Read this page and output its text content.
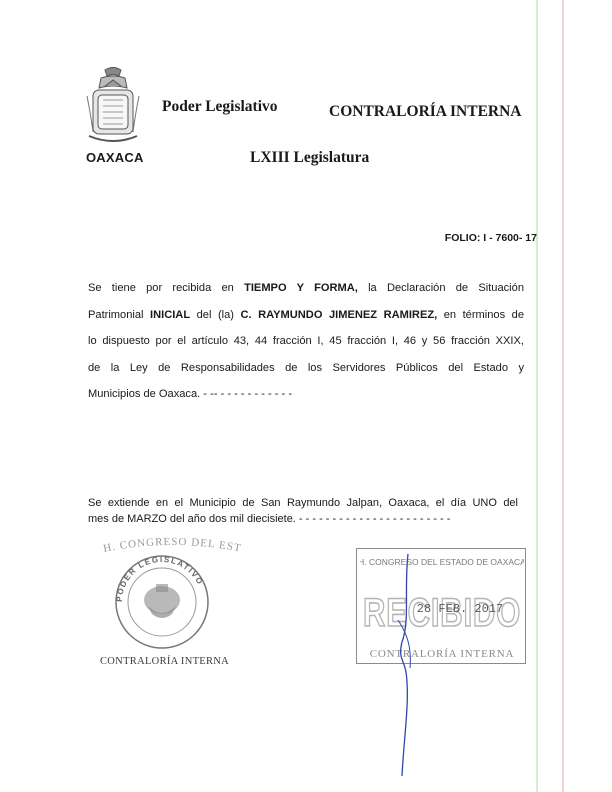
OAXACA
Poder Legislativo	CONTRALORÍA INTERNA
LXIII Legislatura
FOLIO: I - 7600- 17
Se tiene por recibida en TIEMPO Y FORMA, la Declaración de Situación
Patrimonial INICIAL del (la) C. RAYMUNDO JIMENEZ RAMIREZ, en términos de
lo dispuesto por el artículo 43, 44 fracción I, 45 fracción I, 46 y 56 fracción XXIX,
de la Ley de Responsabilidades de los Servidores Públicos del Estado y
Municipios de Oaxaca. - -- - - - - - - - - - - -
Se extiende en el Municipio de San Raymundo Jalpan, Oaxaca, el día UNO del
mes de MARZO del año dos mil diecisiete. - - - - - - - - - - - - - - - - - - - - - - -
H. CONGRESO DEL EST
PODER LEGISLATIVO
CONTRALORÍA INTERNA
H. CONGRESO DEL ESTADO DE OAXACA
RECIBIDO
28 FEB. 2017
CONTRALORÍA INTERNA
